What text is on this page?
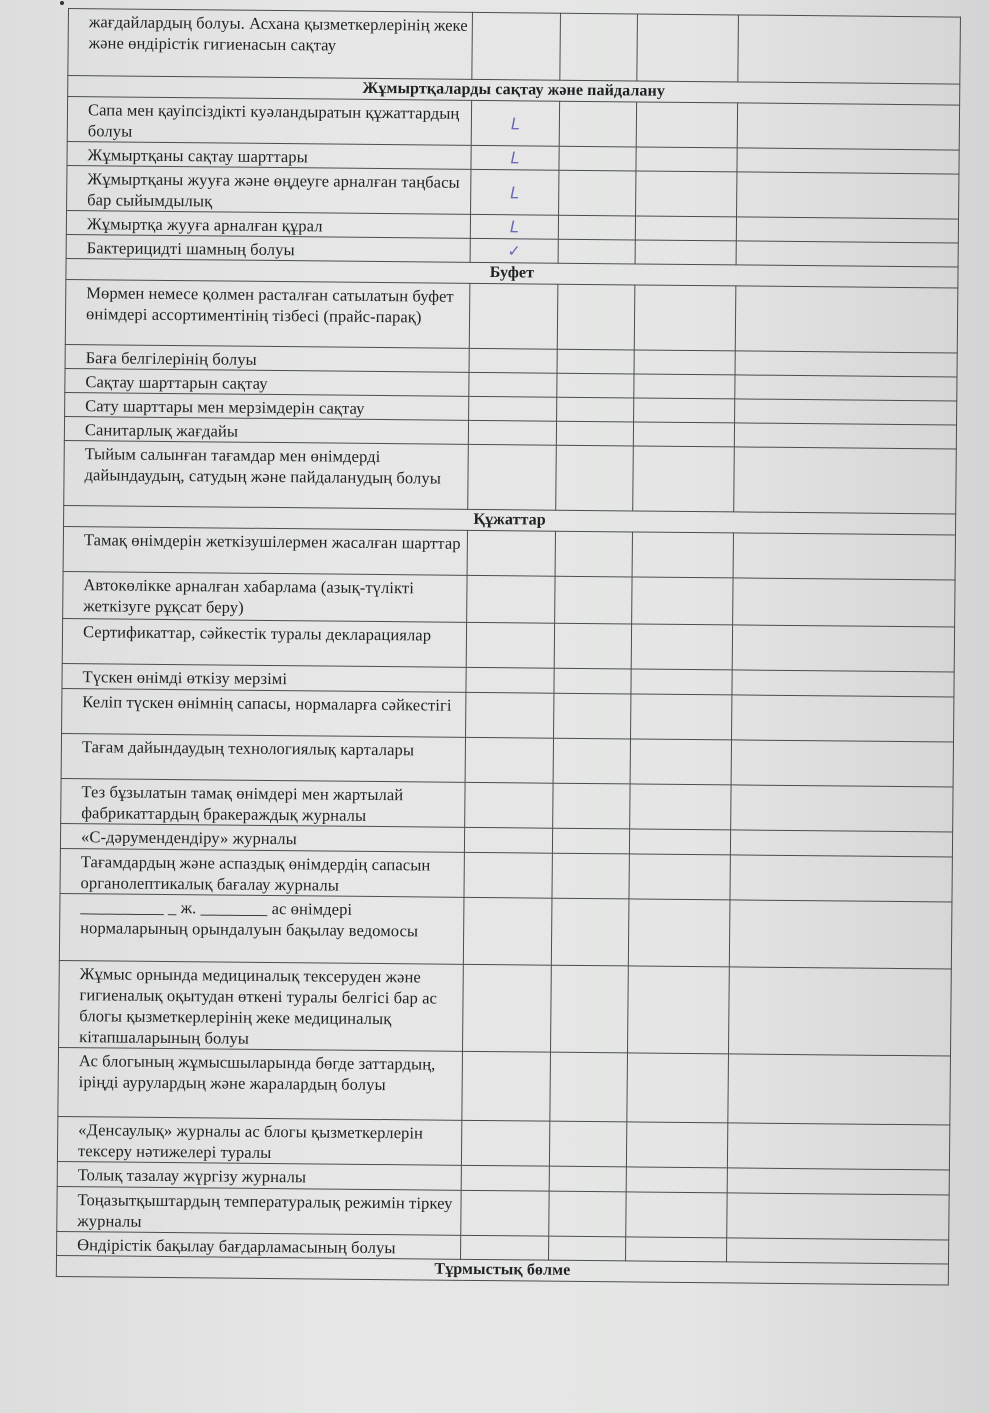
жағдайлардың болуы. Асхана қызметкерлерінің жеке және өндірістік гигиенасын сақтау				
Жұмыртқаларды сақтау және пайдалану				
Сапа мен қауіпсіздікті куәландыратын құжаттардың болуы	ᒪ			
Жұмыртқаны сақтау шарттары	ᒪ			
Жұмыртқаны жууға және өңдеуге арналған таңбасы бар сыйымдылық	ᒪ			
Жұмыртқа жууға арналған құрал	ᒪ			
Бактерицидті шамның болуы	✓			
Буфет				
Мөрмен немесе қолмен расталған сатылатын буфет өнімдері ассортиментінің тізбесі (прайс-парақ)				
Баға белгілерінің болуы				
Сақтау шарттарын сақтау				
Сату шарттары мен мерзімдерін сақтау				
Санитарлық жағдайы				
Тыйым салынған тағамдар мен өнімдерді дайындаудың, сатудың және пайдаланудың болуы				
Құжаттар				
Тамақ өнімдерін жеткізушілермен жасалған шарттар				
Автокөлікке арналған хабарлама (азық-түлікті жеткізуге рұқсат беру)				
Сертификаттар, сәйкестік туралы декларациялар				
Түскен өнімді өткізу мерзімі				
Келіп түскен өнімнің сапасы, нормаларға сәйкестігі				
Тағам дайындаудың технологиялық карталары				
Тез бұзылатын тамақ өнімдері мен жартылай фабрикаттардың бракераждық журналы				
«С-дәрумендендіру» журналы				
Тағамдардың және аспаздық өнімдердің сапасын органолептикалық бағалау журналы				
__________ _ ж. ________ ас өнімдері нормаларының орындалуын бақылау ведомосы				
Жұмыс орнында медициналық тексеруден және гигиеналық оқытудан өткені туралы белгісі бар ас блогы қызметкерлерінің жеке медициналық кітапшаларының болуы				
Ас блогының жұмысшыларында бөгде заттардың, іріңді аурулардың және жаралардың болуы				
«Денсаулық» журналы ас блогы қызметкерлерін тексеру нәтижелері туралы				
Толық тазалау жүргізу журналы				
Тоңазытқыштардың температуралық режимін тіркеу журналы				
Өндірістік бақылау бағдарламасының болуы				
Тұрмыстық бөлме				
